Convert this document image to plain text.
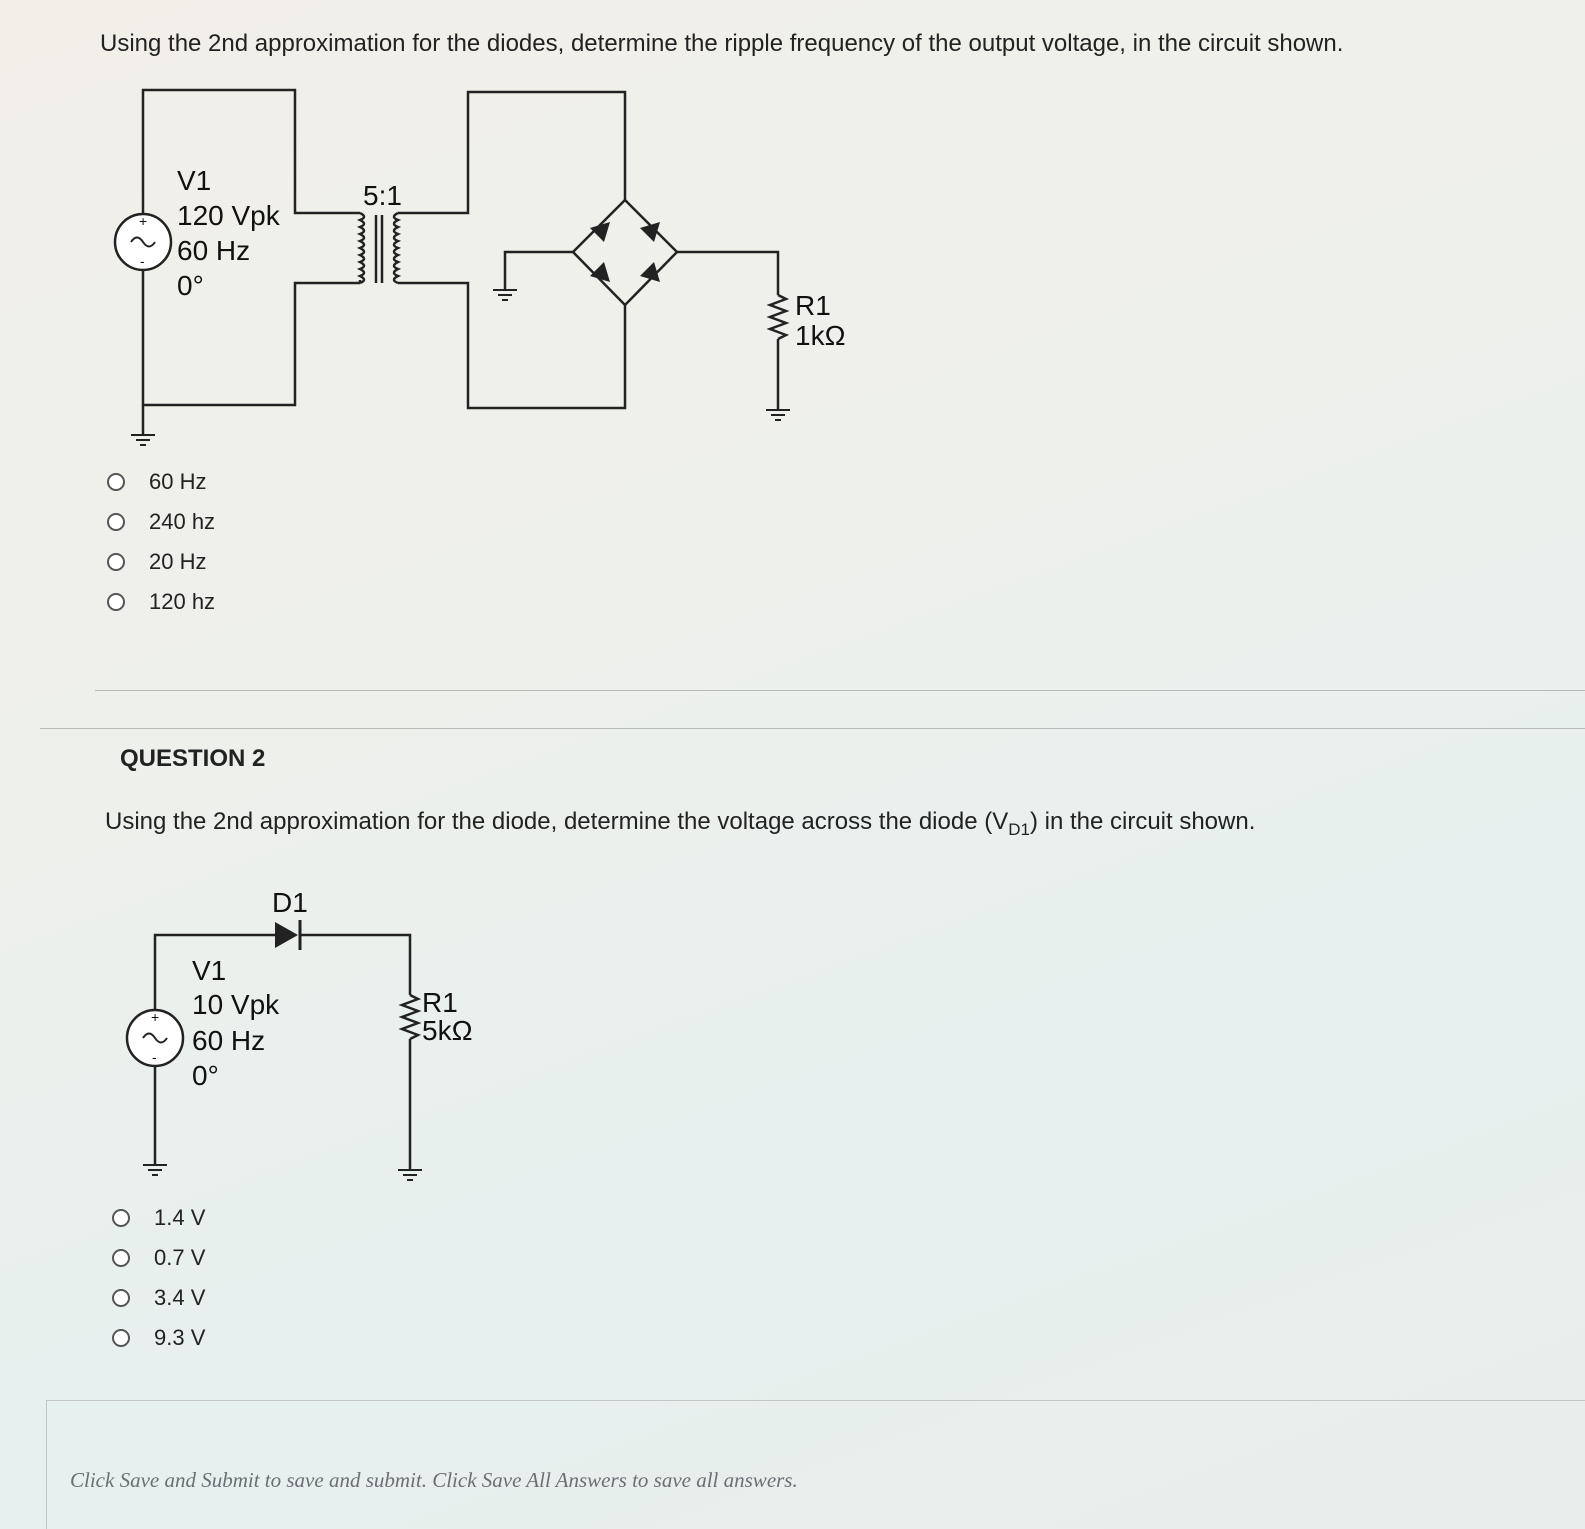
Using the 2nd approximation for the diodes, determine the ripple frequency of the output voltage, in the circuit shown.
+
-
V1
120 Vpk
60 Hz
0°
5:1
R1
1kΩ
60 Hz
240 hz
20 Hz
120 hz
QUESTION 2
Using the 2nd approximation for the diode, determine the voltage across the diode $(V_{D1})$ in the circuit shown.
+
-
D1
V1
10 Vpk
60 Hz
0°
R1
5kΩ
1.4 V
0.7 V
3.4 V
9.3 V
Click Save and Submit to save and submit. Click Save All Answers to save all answers.
